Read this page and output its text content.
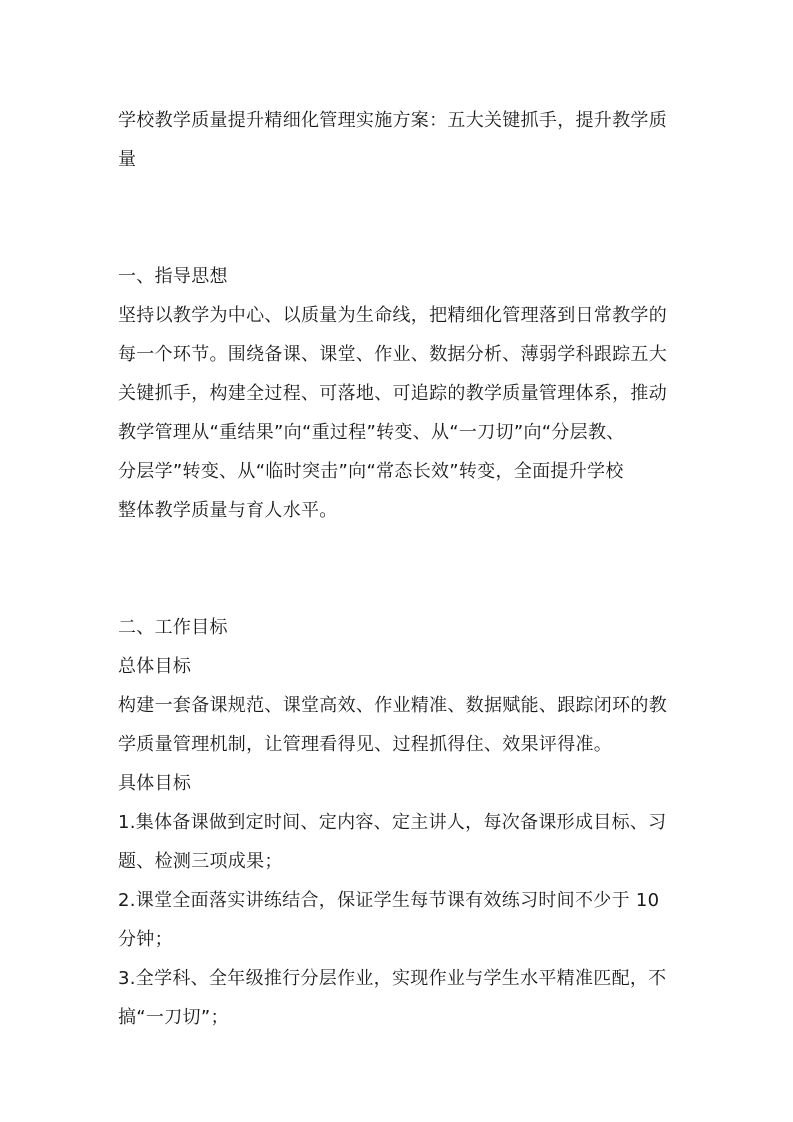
学校教学质量提升精细化管理实施方案：五大关键抓手，提升教学质
量
一、指导思想
坚持以教学为中心、以质量为生命线，把精细化管理落到日常教学的
每一个环节。围绕备课、课堂、作业、数据分析、薄弱学科跟踪五大
关键抓手，构建全过程、可落地、可追踪的教学质量管理体系，推动
教学管理从“重结果”向“重过程”转变、从“一刀切”向“分层教、
分层学”转变、从“临时突击”向“常态长效”转变，全面提升学校
整体教学质量与育人水平。
二、工作目标
总体目标
构建一套备课规范、课堂高效、作业精准、数据赋能、跟踪闭环的教
学质量管理机制，让管理看得见、过程抓得住、效果评得准。
具体目标
1.集体备课做到定时间、定内容、定主讲人，每次备课形成目标、习
题、检测三项成果；
2.课堂全面落实讲练结合，保证学生每节课有效练习时间不少于 10
分钟；
3.全学科、全年级推行分层作业，实现作业与学生水平精准匹配，不
搞“一刀切”；
